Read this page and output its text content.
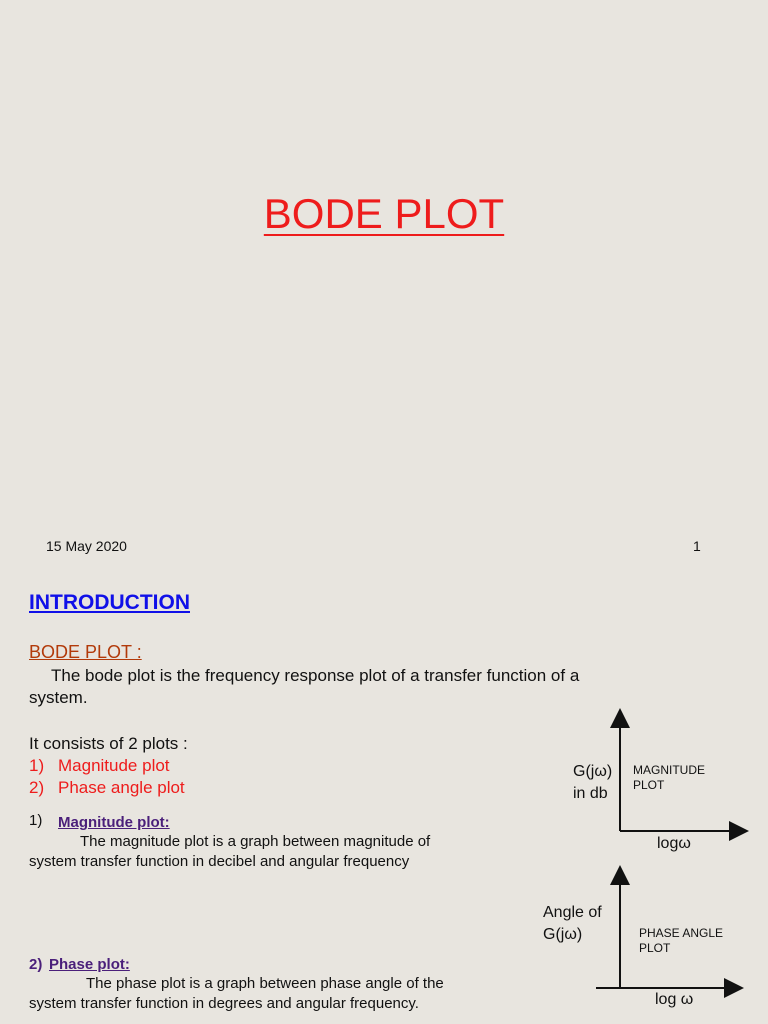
BODE PLOT
15 May 2020	1
INTRODUCTION
BODE PLOT :
The bode plot is the frequency response plot of a transfer function of a
system.
It consists of 2 plots :
1) Magnitude plot
2) Phase angle plot
1) Magnitude plot:
The magnitude plot is a graph between magnitude of
system transfer function in decibel and angular frequency
2) Phase plot:
The phase plot is a graph between phase angle of the
system transfer function in degrees and angular frequency.
G(jω)
in db
MAGNITUDE
PLOT
logω
Angle of
G(jω)	PHASE ANGLE
PLOT
log ω
